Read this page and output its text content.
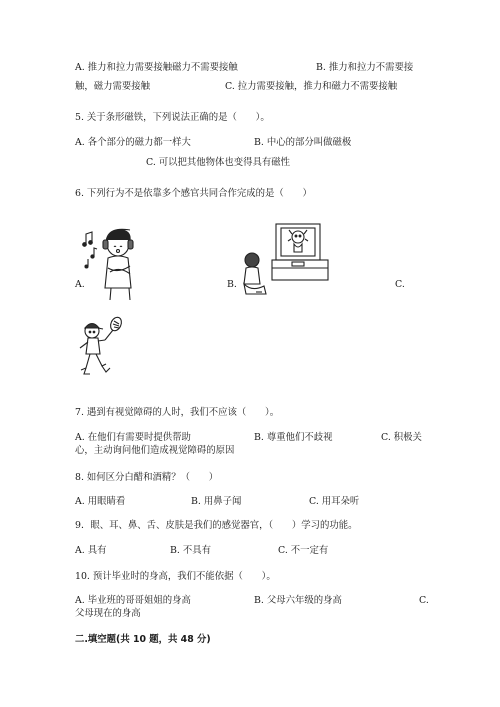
A. 推力和拉力需要接触磁力不需要接触	B. 推力和拉力不需要接
触，磁力需要接触	C. 拉力需要接触，推力和磁力不需要接触
5. 关于条形磁铁，下列说法正确的是（　　）。
A. 各个部分的磁力都一样大	B. 中心的部分叫做磁极
C. 可以把其他物体也变得具有磁性
6. 下列行为不是依靠多个感官共同合作完成的是（　　）
A.	B.	C.
7. 遇到有视觉障碍的人时，我们不应该（　　）。
A. 在他们有需要时提供帮助	B. 尊重他们不歧视	C. 积极关
心，主动询问他们造成视觉障碍的原因
8. 如何区分白醋和酒精？（　　）
A. 用眼睛看	B. 用鼻子闻	C. 用耳朵听
9．眼、耳、鼻、舌、皮肤是我们的感觉器官，（　　）学习的功能。
A. 具有	B. 不具有	C. 不一定有
10. 预计毕业时的身高，我们不能依据（　　）。
A. 毕业班的哥哥姐姐的身高	B. 父母六年级的身高	C.
父母现在的身高
二.填空题(共 10 题，共 48 分)
